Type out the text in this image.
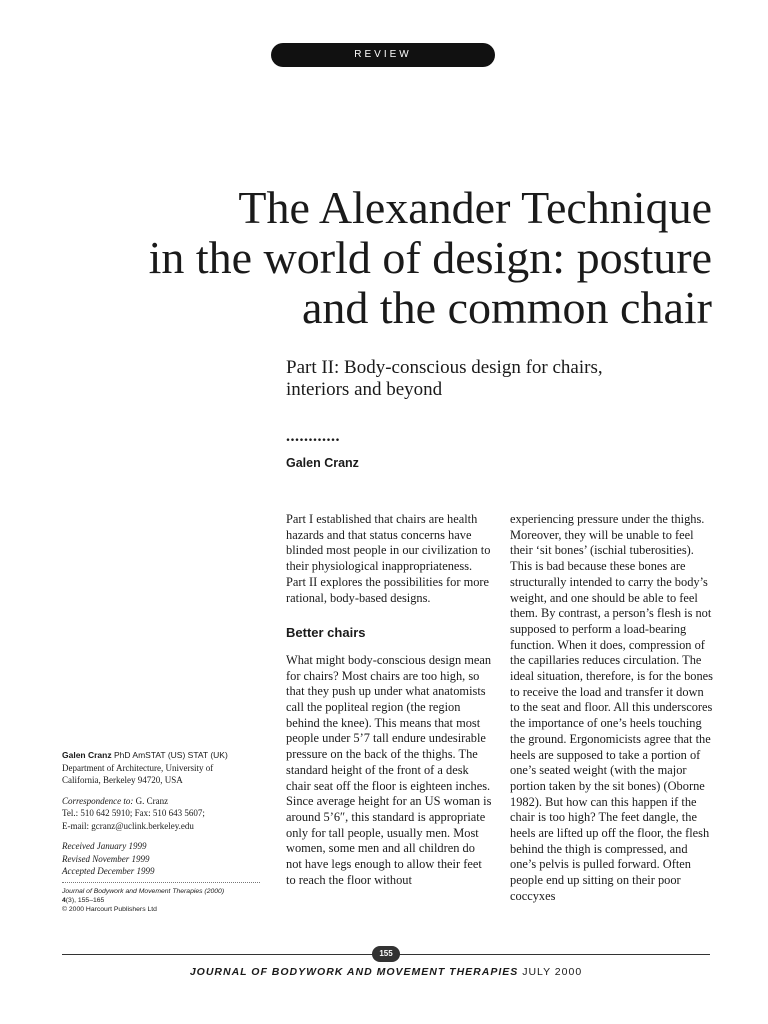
REVIEW
The Alexander Technique
in the world of design: posture
and the common chair
Part II: Body-conscious design for chairs,
interiors and beyond
............
Galen Cranz

Part I established that chairs are health hazards and that status concerns have blinded most people in our civilization to their physiological inappropriateness. Part II explores the possibilities for more rational, body-based designs.

Better chairs

What might body-conscious design mean for chairs? Most chairs are too high, so that they push up under what anatomists call the popliteal region (the region behind the knee). This means that most people under 5’7 tall endure undesirable pressure on the back of the thighs. The standard height of the front of a desk chair seat off the floor is eighteen inches. Since average height for an US woman is around 5’6″, this standard is appropriate only for tall people, usually men. Most women, some men and all children do not have legs enough to allow their feet to reach the floor without

experiencing pressure under the thighs. Moreover, they will be unable to feel their ‘sit bones’ (ischial tuberosities). This is bad because these bones are structurally intended to carry the body’s weight, and one should be able to feel them. By contrast, a person’s flesh is not supposed to perform a load-bearing function. When it does, compression of the capillaries reduces circulation. The ideal situation, therefore, is for the bones to receive the load and transfer it down to the seat and floor. All this underscores the importance of one’s heels touching the ground. Ergonomicists agree that the heels are supposed to take a portion of one’s seated weight (with the major portion taken by the sit bones) (Oborne 1982). But how can this happen if the chair is too high? The feet dangle, the heels are lifted up off the floor, the flesh behind the thigh is compressed, and one’s pelvis is pulled forward. Often people end up sitting on their poor coccyxes

Galen Cranz PhD AmSTAT (US) STAT (UK)

Department of Architecture, University of

California, Berkeley 94720, USA

Correspondence to: G. Cranz

Tel.: 510 642 5910; Fax: 510 643 5607;

E-mail: gcranz@uclink.berkeley.edu

Received January 1999

Revised November 1999

Accepted December 1999

Journal of Bodywork and Movement Therapies (2000)

4(3), 155–165

© 2000 Harcourt Publishers Ltd

155
JOURNAL OF BODYWORK AND MOVEMENT THERAPIES JULY 2000
